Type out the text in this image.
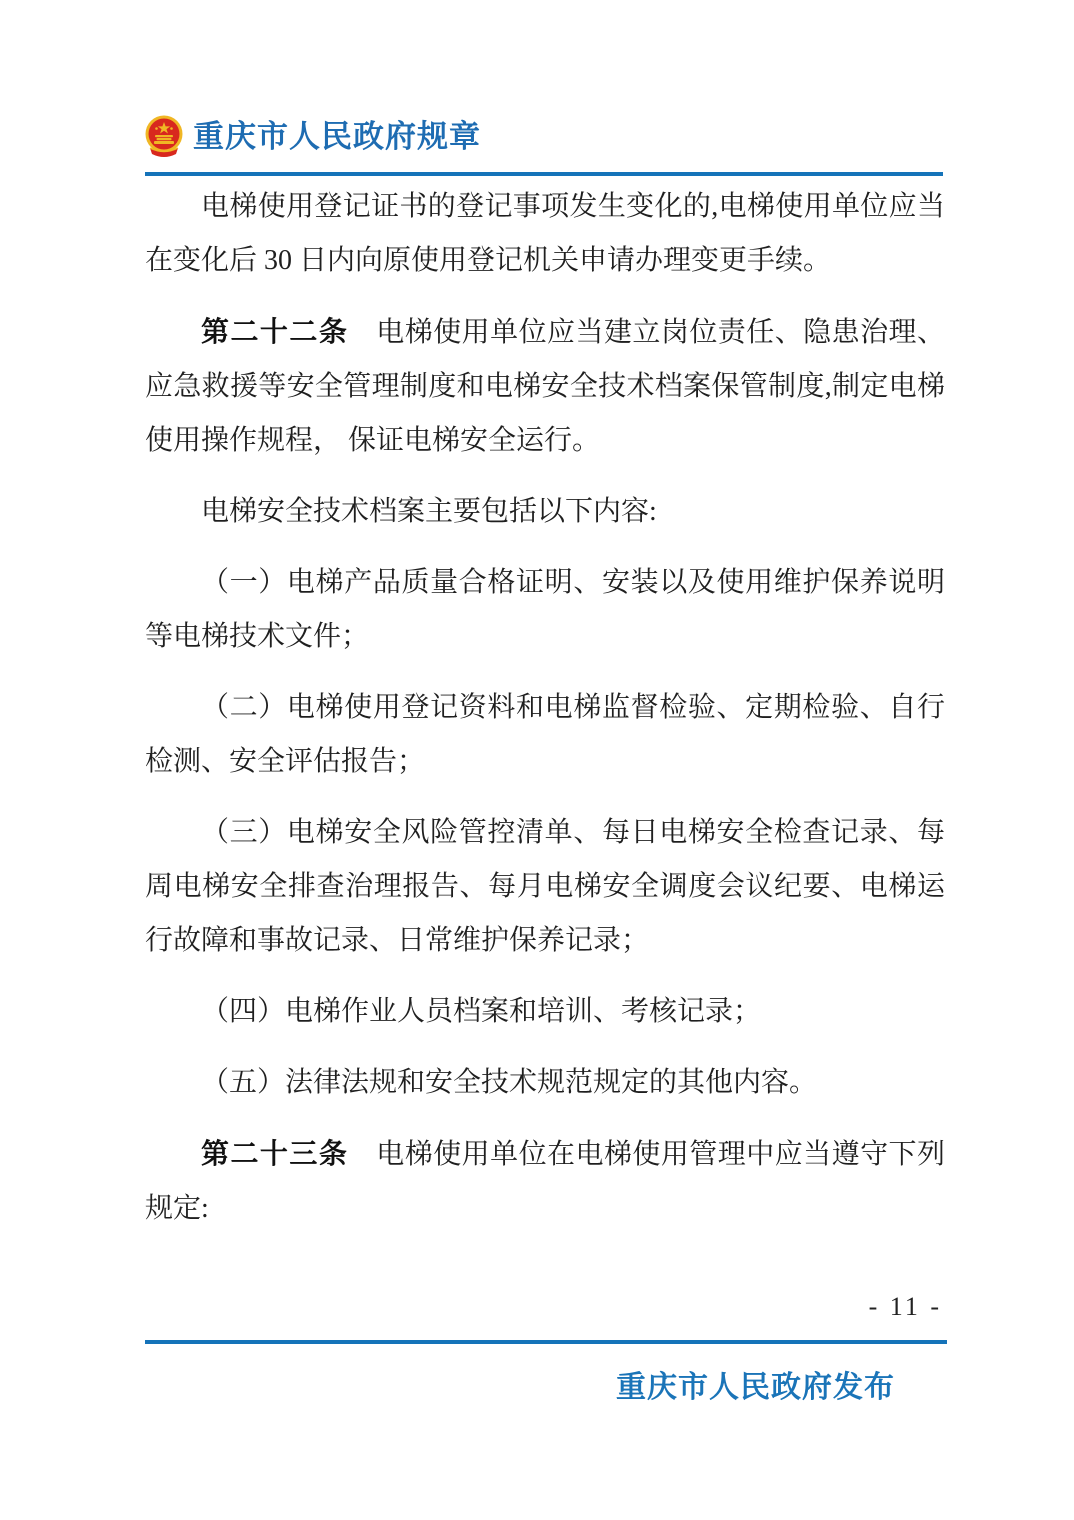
重庆市人民政府规章

电梯使用登记证书的登记事项发生变化的,电梯使用单位应当在变化后 30 日内向原使用登记机关申请办理变更手续。

第二十二条 电梯使用单位应当建立岗位责任、隐患治理、应急救援等安全管理制度和电梯安全技术档案保管制度,制定电梯使用操作规程， 保证电梯安全运行。

电梯安全技术档案主要包括以下内容:

（一）电梯产品质量合格证明、安装以及使用维护保养说明等电梯技术文件；

（二）电梯使用登记资料和电梯监督检验、定期检验、自行检测、安全评估报告；

（三）电梯安全风险管控清单、每日电梯安全检查记录、每周电梯安全排查治理报告、每月电梯安全调度会议纪要、电梯运行故障和事故记录、日常维护保养记录；

（四）电梯作业人员档案和培训、考核记录；

（五）法律法规和安全技术规范规定的其他内容。

第二十三条 电梯使用单位在电梯使用管理中应当遵守下列规定:

- 11 -
重庆市人民政府发布
